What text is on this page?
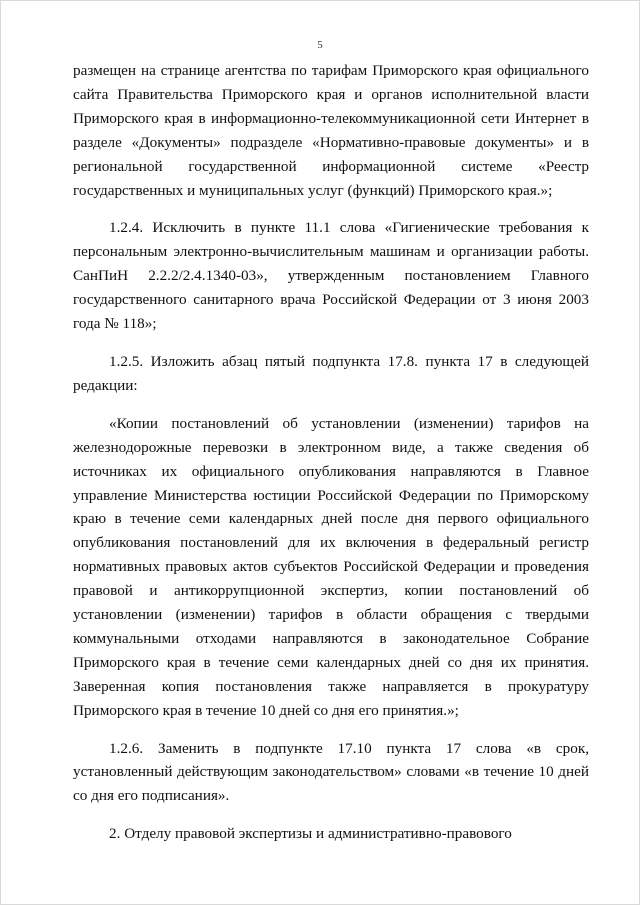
5

размещен на странице агентства по тарифам Приморского края официального сайта Правительства Приморского края и органов исполнительной власти Приморского края в информационно-телекоммуникационной сети Интернет в разделе «Документы» подразделе «Нормативно-правовые документы» и в региональной государственной информационной системе «Реестр государственных и муниципальных услуг (функций) Приморского края.»;

1.2.4. Исключить в пункте 11.1 слова «Гигиенические требования к персональным электронно-вычислительным машинам и организации работы. СанПиН 2.2.2/2.4.1340-03», утвержденным постановлением Главного государственного санитарного врача Российской Федерации от 3 июня 2003 года № 118»;

1.2.5. Изложить абзац пятый подпункта 17.8. пункта 17 в следующей редакции:

«Копии постановлений об установлении (изменении) тарифов на железнодорожные перевозки в электронном виде, а также сведения об источниках их официального опубликования направляются в Главное управление Министерства юстиции Российской Федерации по Приморскому краю в течение семи календарных дней после дня первого официального опубликования постановлений для их включения в федеральный регистр нормативных правовых актов субъектов Российской Федерации и проведения правовой и антикоррупционной экспертиз, копии постановлений об установлении (изменении) тарифов в области обращения с твердыми коммунальными отходами направляются в законодательное Собрание Приморского края в течение семи календарных дней со дня их принятия. Заверенная копия постановления также направляется в прокуратуру Приморского края в течение 10 дней со дня его принятия.»;

1.2.6. Заменить в подпункте 17.10 пункта 17 слова «в срок, установленный действующим законодательством» словами «в течение 10 дней со дня его подписания».

2. Отделу правовой экспертизы и административно-правового
